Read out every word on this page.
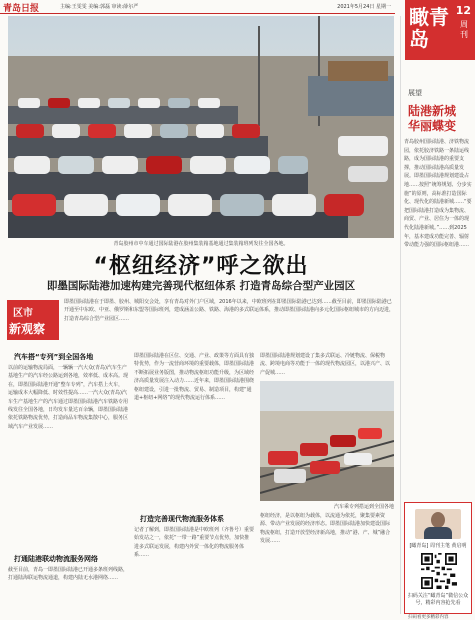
青岛日报	主编:王雯雯 美编:郭磊 审读:薛尔严	2021年5月24日 星期一 瞰青岛
12
周刊
青岛胶州市中车通过国际陆港在胶州集装箱基地通过集装箱班列发往全国各地。
“枢纽经济”呼之欲出
即墨国际陆港加速构建完善现代枢纽体系 打造青岛综合型产业园区
即墨国际陆港在于即墨、胶州、城阳交会处，享有青岛对外门户区域，2016年以来，中欧班列在即墨国际陆港已达到……截至目前，即墨国际陆港已开通至中东欧、中亚、俄罗斯和东盟等国际班列，建成涵盖公路、铁路、海港的多式联运体系，推动即墨国际陆港向多元化国际枢纽城市的方向迈进，打造青岛综合型产业园区……
区市
新观察
汽车搭“专列”到全国各地
以前的运输物流局面，一辆辆一汽大众(青岛)汽车生产基地生产的汽车经公路运到各地，效率低、成本高。现在，即墨国际陆港开通“整车专列”，汽车搭上火车，运输成本大幅降低、时效性提高……一汽大众(青岛)汽车生产基地生产的汽车通过即墨国际陆港汽车铁路专用线发往全国各地，日均发车量达百余辆，即墨国际陆港依托铁路物流优势，打造商品车物流集散中心，服务区域汽车产业发展……
打通陆港联动物流服务网络
截至目前，青岛一即墨国际陆港已开通多条班列线路，打通陆海联运物流通道，构建内陆无水港网络……
即墨国际陆港在区位、交通、产业、政策等方面具有独特优势，作为一流营商环境的重要载体，即墨国际陆港不断拓展业务版图，推动物流枢纽功能升级，为区域经济高质量发展注入动力……近年来，即墨国际陆港围绕枢纽建设，引进一批物流、贸易、制造项目，构建“通道+枢纽+网络”的现代物流运行体系……
打造完善现代物流服务体系
记者了解到，即墨国际陆港是中欧班列（齐鲁号）重要始发站之一，依托“一带一路”重要节点优势，加快推进多式联运发展，构建内外贸一体化的物流服务体系……
即墨国际陆港规划建设了集多式联运、冷链物流、保税物流、跨境电商等功能于一体的现代物流园区，以港兴产、以产促城……
汽车乘专列搭运到全国各地
枢纽经济，是以枢纽为载体，以流通为依托，聚集要素资源、带动产业发展的经济形态。即墨国际陆港加快建设国际物流枢纽，打造开放型经济新高地，推动“港、产、城”融合发展……
展望
陆港新城 华丽蝶变
青岛胶州国际陆港、济铁物流园，依托胶济铁路一条陆运线路，成为国际陆港的重要支撑，推动国际陆港高质量发展。即墨国际陆港规划建设占地……按照“统筹规划、分步实施”的原则，高标准打造国际化、现代化的陆港新城……“要把国际陆港打造成为集物流、商贸、产业、居住为一体的现代化陆港新城。”……到2025年，基本建成功能完善、辐射带动能力强的国际枢纽港……
[瞰青岛] 周刊主笔 黄启明
扫码关注“瞰青岛”微信公众号，精彩内容抢先看
扫码看更多精彩内容
